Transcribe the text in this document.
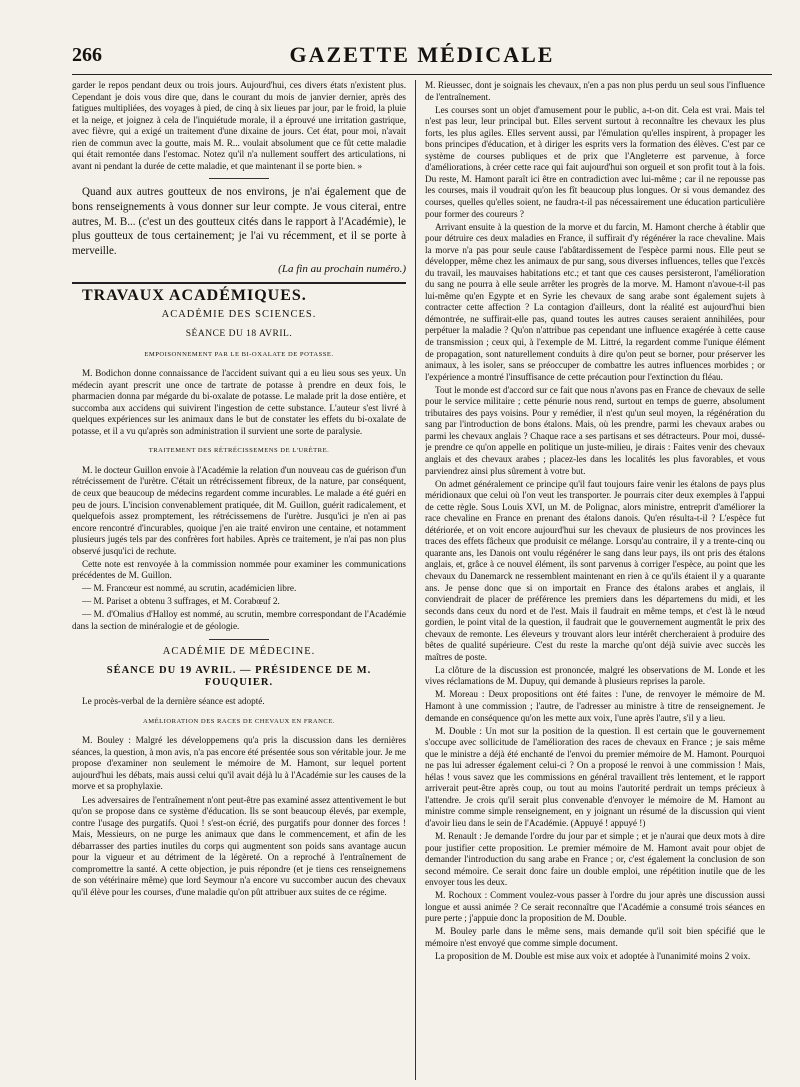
266	GAZETTE MÉDICALE

garder le repos pendant deux ou trois jours. Aujourd'hui, ces divers états n'existent plus. Cependant je dois vous dire que, dans le courant du mois de janvier dernier, après des fatigues multipliées, des voyages à pied, de cinq à six lieues par jour, par le froid, la pluie et la neige, et joignez à cela de l'inquiétude morale, il a éprouvé une irritation gastrique, avec fièvre, qui a exigé un traitement d'une dixaine de jours. Cet état, pour moi, n'avait rien de commun avec la goutte, mais M. R... voulait absolument que ce fût cette maladie qui était remontée dans l'estomac. Notez qu'il n'a nullement souffert des articulations, ni avant ni pendant la durée de cette maladie, et que maintenant il se porte bien. »

Quand aux autres goutteux de nos environs, je n'ai également que de bons renseignements à vous donner sur leur compte. Je vous citerai, entre autres, M. B... (c'est un des goutteux cités dans le rapport à l'Académie), le plus goutteux de tous certainement; je l'ai vu récemment, et il se porte à merveille.

(La fin au prochain numéro.)

TRAVAUX ACADÉMIQUES.
ACADÉMIE DES SCIENCES.
SÉANCE DU 18 AVRIL.
EMPOISONNEMENT PAR LE BI-OXALATE DE POTASSE.

M. Bodichon donne connaissance de l'accident suivant qui a eu lieu sous ses yeux. Un médecin ayant prescrit une once de tartrate de potasse à prendre en deux fois, le pharmacien donna par mégarde du bi-oxalate de potasse. Le malade prit la dose entière, et succomba aux accidens qui suivirent l'ingestion de cette substance. L'auteur s'est livré à quelques expériences sur les animaux dans le but de constater les effets du bi-oxalate de potasse, et il a vu qu'après son administration il survient une sorte de paralysie.

TRAITEMENT DES RÉTRÉCISSEMENS DE L'URÈTRE.

M. le docteur Guillon envoie à l'Académie la relation d'un nouveau cas de guérison d'un rétrécissement de l'urètre. C'était un rétrécissement fibreux, de la nature, par conséquent, de ceux que beaucoup de médecins regardent comme incurables. Le malade a été guéri en peu de jours. L'incision convenablement pratiquée, dit M. Guillon, guérit radicalement, et quelquefois assez promptement, les rétrécissemens de l'urètre. Jusqu'ici je n'en ai pas encore rencontré d'incurables, quoique j'en aie traité environ une centaine, et notamment plusieurs jugés tels par des confrères fort habiles. Après ce traitement, je n'ai pas non plus observé jusqu'ici de rechute.

Cette note est renvoyée à la commission nommée pour examiner les communications précédentes de M. Guillon.

— M. Francœur est nommé, au scrutin, académicien libre.

— M. Pariset a obtenu 3 suffrages, et M. Corabœuf 2.

— M. d'Omalius d'Halloy est nommé, au scrutin, membre correspondant de l'Académie dans la section de minéralogie et de géologie.

ACADÉMIE DE MÉDECINE.
SÉANCE DU 19 AVRIL. — PRÉSIDENCE DE M. FOUQUIER.

Le procès-verbal de la dernière séance est adopté.

AMÉLIORATION DES RACES DE CHEVAUX EN FRANCE.

M. Bouley : Malgré les développemens qu'a pris la discussion dans les dernières séances, la question, à mon avis, n'a pas encore été présentée sous son véritable jour. Je me propose d'examiner non seulement le mémoire de M. Hamont, sur lequel portent aujourd'hui les débats, mais aussi celui qu'il avait déjà lu à l'Académie sur les causes de la morve et sa prophylaxie.

Les adversaires de l'entraînement n'ont peut-être pas examiné assez attentivement le but qu'on se propose dans ce système d'éducation. Ils se sont beaucoup élevés, par exemple, contre l'usage des purgatifs. Quoi ! s'est-on écrié, des purgatifs pour donner des forces ! Mais, Messieurs, on ne purge les animaux que dans le commencement, et afin de les débarrasser des parties inutiles du corps qui augmentent son poids sans avantage aucun pour la vigueur et au détriment de la légèreté. On a reproché à l'entraînement de compromettre la santé. A cette objection, je puis répondre (et je tiens ces renseignemens de son vétérinaire même) que lord Seymour n'a encore vu succomber aucun des chevaux qu'il élève pour les courses, d'une maladie qu'on pût attribuer aux suites de ce régime.

M. Rieussec, dont je soignais les chevaux, n'en a pas non plus perdu un seul sous l'influence de l'entraînement.

Les courses sont un objet d'amusement pour le public, a-t-on dit. Cela est vrai. Mais tel n'est pas leur, leur principal but. Elles servent surtout à reconnaître les chevaux les plus forts, les plus agiles. Elles servent aussi, par l'émulation qu'elles inspirent, à propager les bons principes d'éducation, et à diriger les esprits vers la formation des élèves. C'est par ce système de courses publiques et de prix que l'Angleterre est parvenue, à force d'améliorations, à créer cette race qui fait aujourd'hui son orgueil et son profit tout à la fois. Du reste, M. Hamont paraît ici être en contradiction avec lui-même ; car il ne repousse pas les courses, mais il voudrait qu'on les fît beaucoup plus longues. Or si vous demandez des courses, quelles qu'elles soient, ne faudra-t-il pas nécessairement une éducation particulière pour former des coureurs ?

Arrivant ensuite à la question de la morve et du farcin, M. Hamont cherche à établir que pour détruire ces deux maladies en France, il suffirait d'y régénérer la race chevaline. Mais la morve n'a pas pour seule cause l'abâtardissement de l'espèce parmi nous. Elle peut se développer, même chez les animaux de pur sang, sous diverses influences, telles que l'excès du travail, les mauvaises habitations etc.; et tant que ces causes persisteront, l'amélioration du sang ne pourra à elle seule arrêter les progrès de la morve. M. Hamont n'avoue-t-il pas lui-même qu'en Egypte et en Syrie les chevaux de sang arabe sont également sujets à contracter cette affection ? La contagion d'ailleurs, dont la réalité est aujourd'hui bien démontrée, ne suffirait-elle pas, quand toutes les autres causes seraient annihilées, pour perpétuer la maladie ? Qu'on n'attribue pas cependant une influence exagérée à cette cause de transmission ; ceux qui, à l'exemple de M. Littré, la regardent comme l'unique élément de propagation, sont naturellement conduits à dire qu'on peut se borner, pour préserver les animaux, à les isoler, sans se préoccuper de combattre les autres influences morbides ; or l'expérience a montré l'insuffisance de cette précaution pour l'extinction du fléau.

Tout le monde est d'accord sur ce fait que nous n'avons pas en France de chevaux de selle pour le service militaire ; cette pénurie nous rend, surtout en temps de guerre, absolument tributaires des pays voisins. Pour y remédier, il n'est qu'un seul moyen, la régénération du sang par l'introduction de bons étalons. Mais, où les prendre, parmi les chevaux arabes ou parmi les chevaux anglais ? Chaque race a ses partisans et ses détracteurs. Pour moi, dussé-je prendre ce qu'on appelle en politique un juste-milieu, je dirais : Faites venir des chevaux anglais et des chevaux arabes ; placez-les dans les localités les plus favorables, et vous parviendrez ainsi plus sûrement à votre but.

On admet généralement ce principe qu'il faut toujours faire venir les étalons de pays plus méridionaux que celui où l'on veut les transporter. Je pourrais citer deux exemples à l'appui de cette règle. Sous Louis XVI, un M. de Polignac, alors ministre, entreprit d'améliorer la race chevaline en France en prenant des étalons danois. Qu'en résulta-t-il ? L'espèce fut détériorée, et on voit encore aujourd'hui sur les chevaux de plusieurs de nos provinces les traces des effets fâcheux que produisit ce mélange. Lorsqu'au contraire, il y a trente-cinq ou quarante ans, les Danois ont voulu régénérer le sang dans leur pays, ils ont pris des étalons anglais, et, grâce à ce nouvel élément, ils sont parvenus à corriger l'espèce, au point que les chevaux du Danemarck ne ressemblent maintenant en rien à ce qu'ils étaient il y a quarante ans. Je pense donc que si on importait en France des étalons arabes et anglais, il conviendrait de placer de préférence les premiers dans les départemens du midi, et les seconds dans ceux du nord et de l'est. Mais il faudrait en même temps, et c'est là le nœud gordien, le point vital de la question, il faudrait que le gouvernement augmentât le prix des chevaux de remonte. Les éleveurs y trouvant alors leur intérêt chercheraient à produire des bêtes de qualité supérieure. C'est du reste la marche qu'ont déjà suivie avec succès les maîtres de poste.

La clôture de la discussion est prononcée, malgré les observations de M. Londe et les vives réclamations de M. Dupuy, qui demande à plusieurs reprises la parole.

M. Moreau : Deux propositions ont été faites : l'une, de renvoyer le mémoire de M. Hamont à une commission ; l'autre, de l'adresser au ministre à titre de renseignement. Je demande en conséquence qu'on les mette aux voix, l'une après l'autre, s'il y a lieu.

M. Double : Un mot sur la position de la question. Il est certain que le gouvernement s'occupe avec sollicitude de l'amélioration des races de chevaux en France ; je sais même que le ministre a déjà été enchanté de l'envoi du premier mémoire de M. Hamont. Pourquoi ne pas lui adresser également celui-ci ? On a proposé le renvoi à une commission ! Mais, hélas ! vous savez que les commissions en général travaillent très lentement, et le rapport arriverait peut-être après coup, ou tout au moins l'autorité perdrait un temps précieux à l'attendre. Je crois qu'il serait plus convenable d'envoyer le mémoire de M. Hamont au ministre comme simple renseignement, en y joignant un résumé de la discussion qui vient d'avoir lieu dans le sein de l'Académie. (Appuyé ! appuyé !)

M. Renault : Je demande l'ordre du jour par et simple ; et je n'aurai que deux mots à dire pour justifier cette proposition. Le premier mémoire de M. Hamont avait pour objet de demander l'introduction du sang arabe en France ; or, c'est également la conclusion de son second mémoire. Ce serait donc faire un double emploi, une répétition inutile que de les envoyer tous les deux.

M. Rochoux : Comment voulez-vous passer à l'ordre du jour après une discussion aussi longue et aussi animée ? Ce serait reconnaître que l'Académie a consumé trois séances en pure perte ; j'appuie donc la proposition de M. Double.

M. Bouley parle dans le même sens, mais demande qu'il soit bien spécifié que le mémoire n'est envoyé que comme simple document.

La proposition de M. Double est mise aux voix et adoptée à l'unanimité moins 2 voix.
